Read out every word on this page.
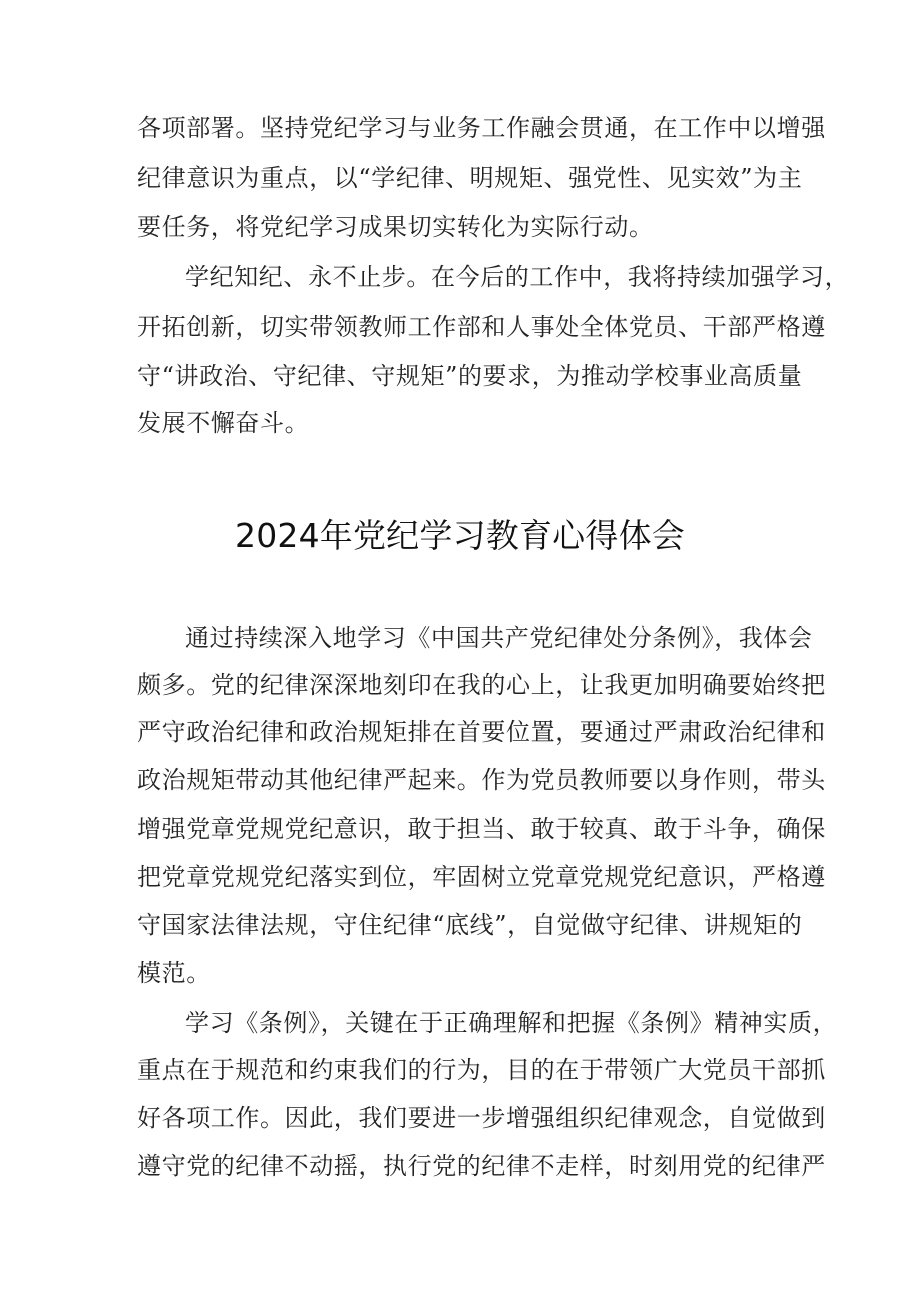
各项部署。坚持党纪学习与业务工作融会贯通，在工作中以增强
纪律意识为重点，以“学纪律、明规矩、强党性、见实效”为主
要任务，将党纪学习成果切实转化为实际行动。
学纪知纪、永不止步。在今后的工作中，我将持续加强学习，
开拓创新，切实带领教师工作部和人事处全体党员、干部严格遵
守“讲政治、守纪律、守规矩”的要求，为推动学校事业高质量
发展不懈奋斗。
2024年党纪学习教育心得体会
通过持续深入地学习《中国共产党纪律处分条例》，我体会
颇多。党的纪律深深地刻印在我的心上，让我更加明确要始终把
严守政治纪律和政治规矩排在首要位置，要通过严肃政治纪律和
政治规矩带动其他纪律严起来。作为党员教师要以身作则，带头
增强党章党规党纪意识，敢于担当、敢于较真、敢于斗争，确保
把党章党规党纪落实到位，牢固树立党章党规党纪意识，严格遵
守国家法律法规，守住纪律“底线”，自觉做守纪律、讲规矩的
模范。
学习《条例》，关键在于正确理解和把握《条例》精神实质，
重点在于规范和约束我们的行为，目的在于带领广大党员干部抓
好各项工作。因此，我们要进一步增强组织纪律观念，自觉做到
遵守党的纪律不动摇，执行党的纪律不走样，时刻用党的纪律严
